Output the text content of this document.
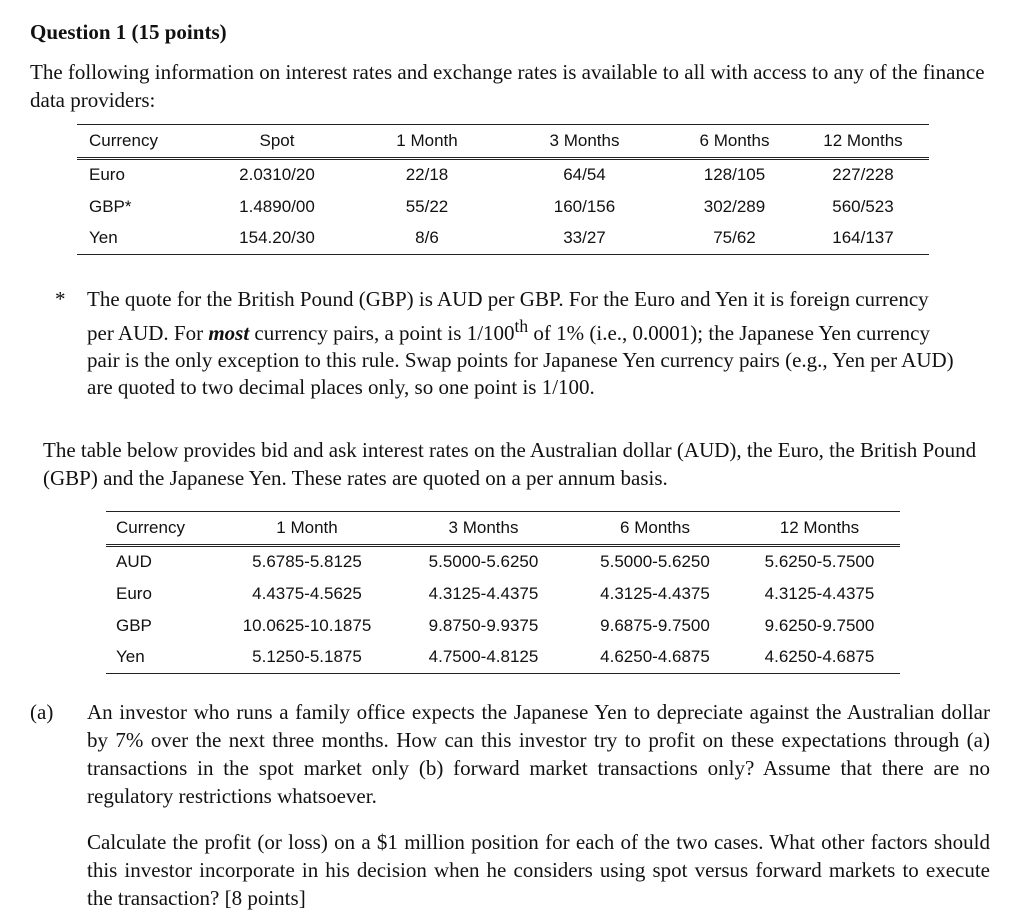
Question 1 (15 points)
The following information on interest rates and exchange rates is available to all with access to any of the finance data providers:
Currency	Spot	1 Month	3 Months	6 Months	12 Months
Euro	2.0310/20	22/18	64/54	128/105	227/228
GBP*	1.4890/00	55/22	160/156	302/289	560/523
Yen	154.20/30	8/6	33/27	75/62	164/137
* The quote for the British Pound (GBP) is AUD per GBP. For the Euro and Yen it is foreign currency per AUD. For most currency pairs, a point is 1/100th of 1% (i.e., 0.0001); the Japanese Yen currency pair is the only exception to this rule. Swap points for Japanese Yen currency pairs (e.g., Yen per AUD) are quoted to two decimal places only, so one point is 1/100.
The table below provides bid and ask interest rates on the Australian dollar (AUD), the Euro, the British Pound (GBP) and the Japanese Yen. These rates are quoted on a per annum basis.
Currency	1 Month	3 Months	6 Months	12 Months
AUD	5.6785-5.8125	5.5000-5.6250	5.5000-5.6250	5.6250-5.7500
Euro	4.4375-4.5625	4.3125-4.4375	4.3125-4.4375	4.3125-4.4375
GBP	10.0625-10.1875	9.8750-9.9375	9.6875-9.7500	9.6250-9.7500
Yen	5.1250-5.1875	4.7500-4.8125	4.6250-4.6875	4.6250-4.6875
(a) An investor who runs a family office expects the Japanese Yen to depreciate against the Australian dollar by 7% over the next three months. How can this investor try to profit on these expectations through (a) transactions in the spot market only (b) forward market transactions only? Assume that there are no regulatory restrictions whatsoever.

Calculate the profit (or loss) on a $1 million position for each of the two cases. What other factors should this investor incorporate in his decision when he considers using spot versus forward markets to execute the transaction? [8 points]
